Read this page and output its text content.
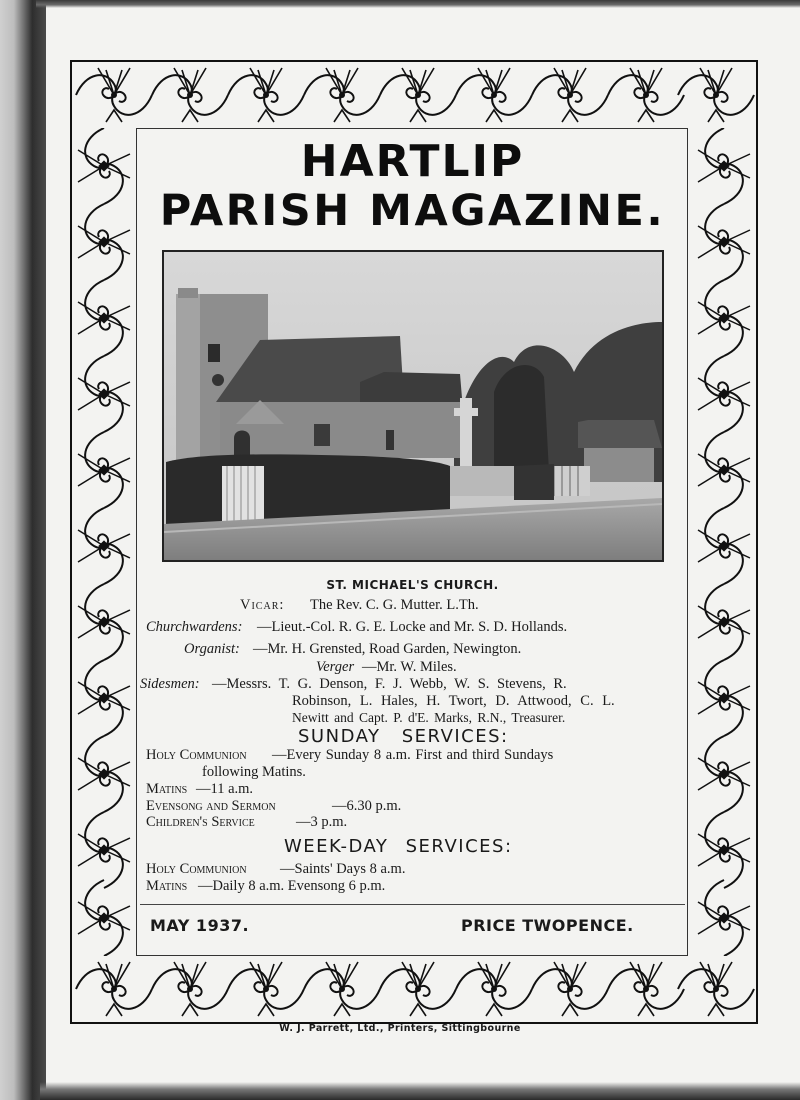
HARTLIP
PARISH MAGAZINE.
ST. MICHAEL'S CHURCH.
Vicar: The Rev. C. G. Mutter. L.Th.
Churchwardens: —Lieut.-Col. R. G. E. Locke and Mr. S. D. Hollands.
Organist: —Mr. H. Grensted, Road Garden, Newington.
Verger —Mr. W. Miles.
Sidesmen: —Messrs. T. G. Denson, F. J. Webb, W. S. Stevens, R.
Robinson, L. Hales, H. Twort, D. Attwood, C. L.
Newitt and Capt. P. d'E. Marks, R.N., Treasurer.
SUNDAY SERVICES:
Holy Communion —Every Sunday 8 a.m. First and third Sundays
following Matins.
Matins —11 a.m.
Evensong and Sermon	—6.30 p.m.
Children's Service	—3 p.m.
WEEK-DAY SERVICES:
Holy Communion —Saints' Days 8 a.m.
Matins —Daily 8 a.m. Evensong 6 p.m.
MAY 1937.	PRICE TWOPENCE.
W. J. Parrett, Ltd., Printers, Sittingbourne
